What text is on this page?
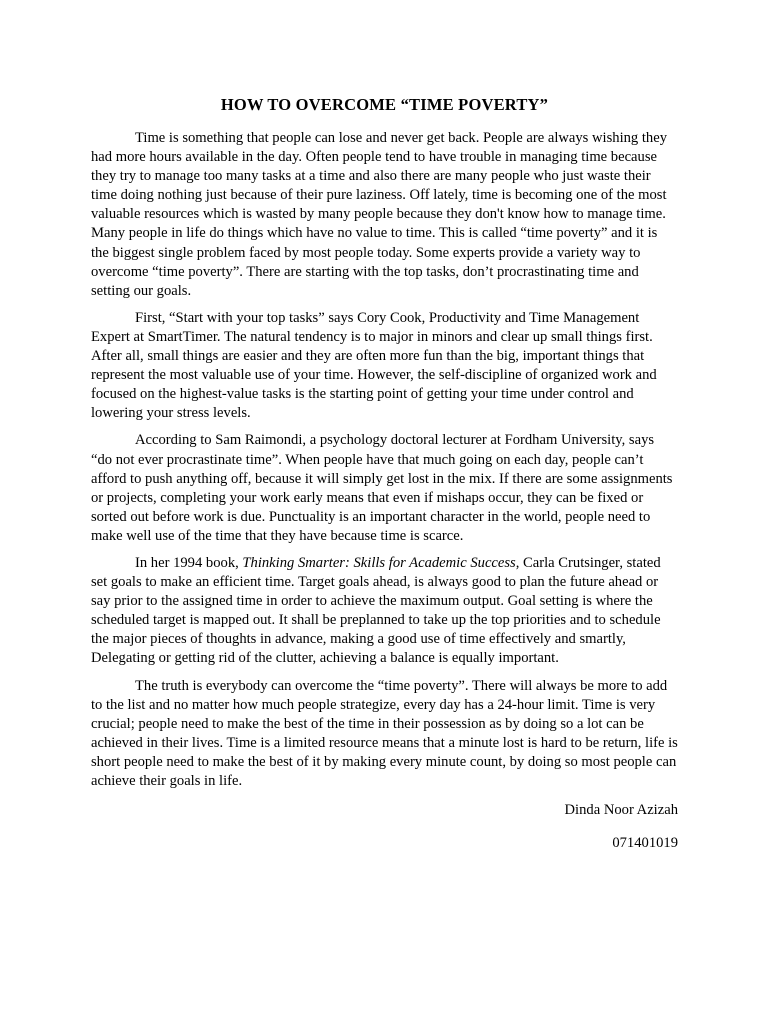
HOW TO OVERCOME “TIME POVERTY”

Time is something that people can lose and never get back. People are always wishing they had more hours available in the day. Often people tend to have trouble in managing time because they try to manage too many tasks at a time and also there are many people who just waste their time doing nothing just because of their pure laziness. Off lately, time is becoming one of the most valuable resources which is wasted by many people because they don't know how to manage time. Many people in life do things which have no value to time. This is called “time poverty” and it is the biggest single problem faced by most people today. Some experts provide a variety way to overcome “time poverty”. There are starting with the top tasks, don’t procrastinating time and setting our goals.

First, “Start with your top tasks” says Cory Cook, Productivity and Time Management Expert at SmartTimer. The natural tendency is to major in minors and clear up small things first. After all, small things are easier and they are often more fun than the big, important things that represent the most valuable use of your time. However, the self-discipline of organized work and focused on the highest-value tasks is the starting point of getting your time under control and lowering your stress levels.

According to Sam Raimondi, a psychology doctoral lecturer at Fordham University, says “do not ever procrastinate time”. When people have that much going on each day, people can’t afford to push anything off, because it will simply get lost in the mix. If there are some assignments or projects, completing your work early means that even if mishaps occur, they can be fixed or sorted out before work is due. Punctuality is an important character in the world, people need to make well use of the time that they have because time is scarce.

In her 1994 book, Thinking Smarter: Skills for Academic Success, Carla Crutsinger, stated set goals to make an efficient time. Target goals ahead, is always good to plan the future ahead or say prior to the assigned time in order to achieve the maximum output. Goal setting is where the scheduled target is mapped out. It shall be preplanned to take up the top priorities and to schedule the major pieces of thoughts in advance, making a good use of time effectively and smartly, Delegating or getting rid of the clutter, achieving a balance is equally important.

The truth is everybody can overcome the “time poverty”. There will always be more to add to the list and no matter how much people strategize, every day has a 24-hour limit. Time is very crucial; people need to make the best of the time in their possession as by doing so a lot can be achieved in their lives. Time is a limited resource means that a minute lost is hard to be return, life is short people need to make the best of it by making every minute count, by doing so most people can achieve their goals in life.

Dinda Noor Azizah
071401019
